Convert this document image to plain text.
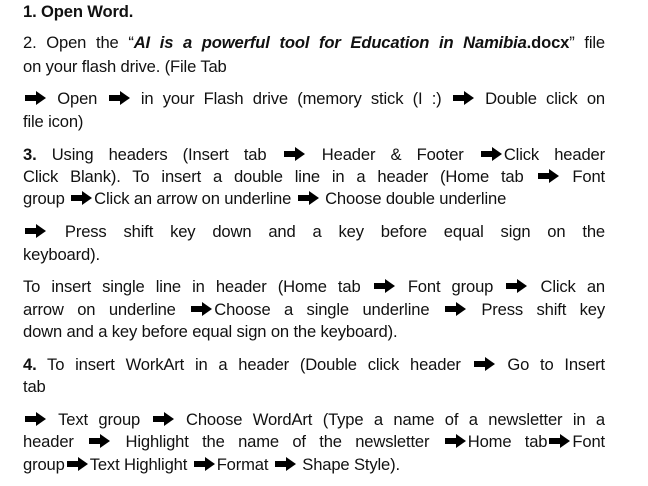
1. Open Word.
2. Open the “AI is a powerful tool for Education in Namibia.docx” file
on your flash drive. (File Tab
Open
in your Flash drive (memory stick (I :)
Double click on
file icon)
3. Using headers (Insert tab
Header & Footer
Click header
Click Blank). To insert a double line in a header (Home tab
Font
group
Click an arrow on underline
Choose double underline
Press shift key down and a key before equal sign on the
keyboard).
To insert single line in header (Home tab
Font group
Click an
arrow on underline
Choose a single underline
Press shift key
down and a key before equal sign on the keyboard).
4. To insert WorkArt in a header (Double click header
Go to Insert
tab
Text group
Choose WordArt (Type a name of a newsletter in a
header
Highlight the name of the newsletter
Home tab Font
group Text Highlight
Format
Shape Style).
